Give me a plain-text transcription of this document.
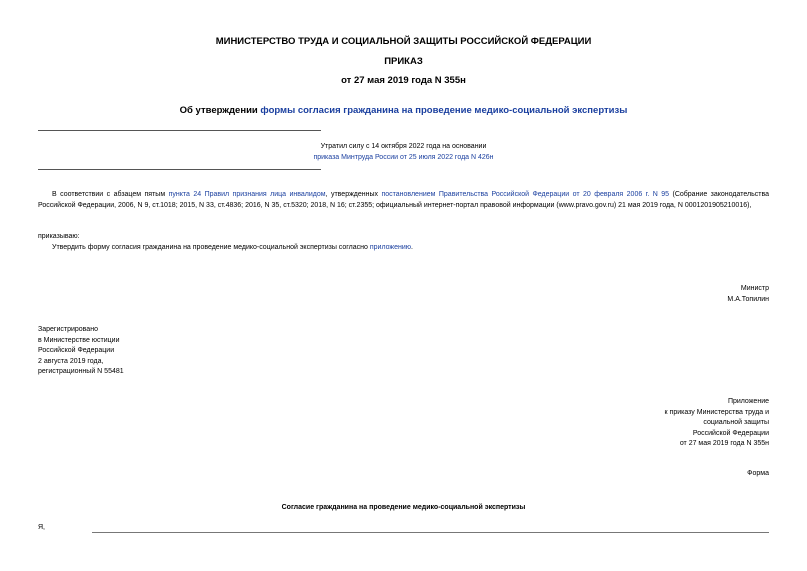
МИНИСТЕРСТВО ТРУДА И СОЦИАЛЬНОЙ ЗАЩИТЫ РОССИЙСКОЙ ФЕДЕРАЦИИ
ПРИКАЗ
от 27 мая 2019 года N 355н
Об утверждении формы согласия гражданина на проведение медико-социальной экспертизы
Утратил силу с 14 октября 2022 года на основании
приказа Минтруда России от 25 июля 2022 года N 426н
В соответствии с абзацем пятым пункта 24 Правил признания лица инвалидом, утвержденных постановлением Правительства Российской Федерации от 20 февраля 2006 г. N 95 (Собрание законодательства Российской Федерации, 2006, N 9, ст.1018; 2015, N 33, ст.4836; 2016, N 35, ст.5320; 2018, N 16; ст.2355; официальный интернет-портал правовой информации (www.pravo.gov.ru) 21 мая 2019 года, N 0001201905210016),
приказываю:
Утвердить форму согласия гражданина на проведение медико-социальной экспертизы согласно приложению.
Министр
М.А.Топилин
Зарегистрировано
в Министерстве юстиции
Российской Федерации
2 августа 2019 года,
регистрационный N 55481
Приложение
к приказу Министерства труда и
социальной защиты
Российской Федерации
от 27 мая 2019 года N 355н
Форма
Согласие гражданина на проведение медико-социальной экспертизы
Я,
